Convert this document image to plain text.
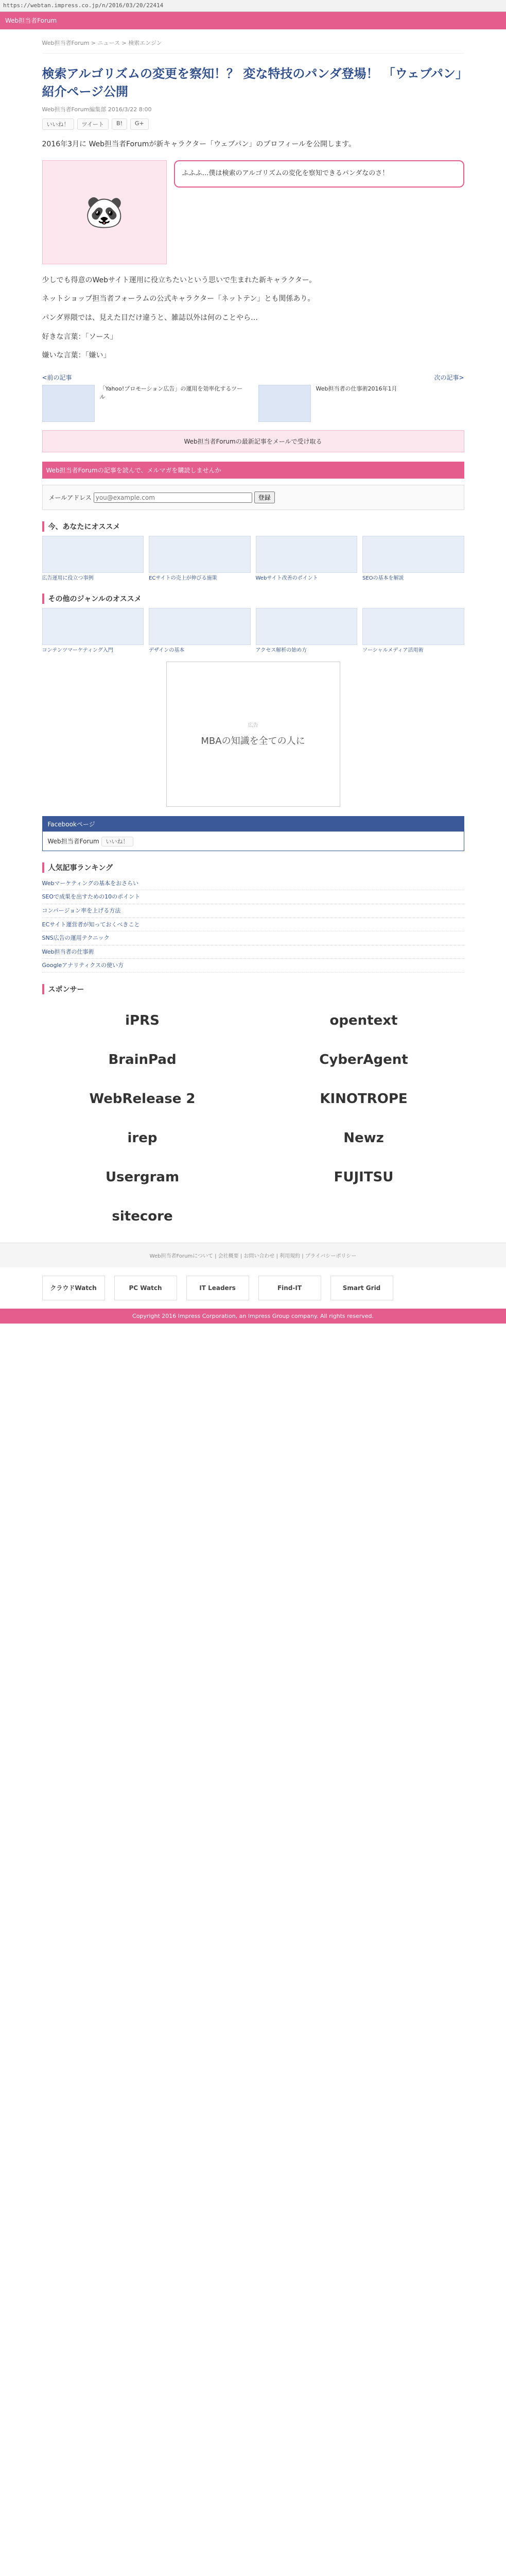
https://webtan.impress.co.jp/n/2016/03/20/22414
Web担当者Forum
Web担当者Forum > ニュース > 検索エンジン
検索アルゴリズムの変更を察知！？ 変な特技のパンダ登場！ 「ウェブパン」紹介ページ公開
Web担当者Forum編集部 2016/3/22 8:00
いいね！	ツイート	B!	G+

2016年3月に Web担当者Forumが新キャラクター「ウェブパン」のプロフィールを公開します。

🐼
ふふふ…僕は検索のアルゴリズムの変化を察知できるパンダなのさ！

少しでも得意のWebサイト運用に役立ちたいという思いで生まれた新キャラクター。

ネットショップ担当者フォーラムの公式キャラクター「ネットテン」とも関係あり。

パンダ界隈では、見えた目だけ違うと、雑誌以外は何のことやら…

好きな言葉：「ソース」

嫌いな言葉：「嫌い」

<前の記事	次の記事>
「Yahoo!プロモーション広告」の運用を効率化するツール
Web担当者の仕事術2016年1月
Web担当者Forumの最新記事をメールで受け取る
Web担当者Forumの記事を読んで、メルマガを購読しませんか
メールアドレス you@example.com	登録
今、あなたにオススメ
広告運用に役立つ事例	ECサイトの売上が伸びる施策	Webサイト改善のポイント	SEOの基本を解説
その他のジャンルのオススメ
コンテンツマーケティング入門	デザインの基本	アクセス解析の始め方	ソーシャルメディア活用術
広告
MBAの知識を全ての人に
Facebookページ
Web担当者Forum いいね！
人気記事ランキング
Webマーケティングの基本をおさらい
SEOで成果を出すための10のポイント
コンバージョン率を上げる方法
ECサイト運営者が知っておくべきこと
SNS広告の運用テクニック
Web担当者の仕事術
Googleアナリティクスの使い方
スポンサー
iPRS	opentext
BrainPad	CyberAgent
WebRelease 2	KINOTROPE
irep	Newz
Usergram	FUJITSU
sitecore
Web担当者Forumについて | 会社概要 | お問い合わせ | 利用規約 | プライバシーポリシー
クラウドWatch	PC Watch	IT Leaders	Find-IT	Smart Grid
Copyright 2016 Impress Corporation, an Impress Group company. All rights reserved.
